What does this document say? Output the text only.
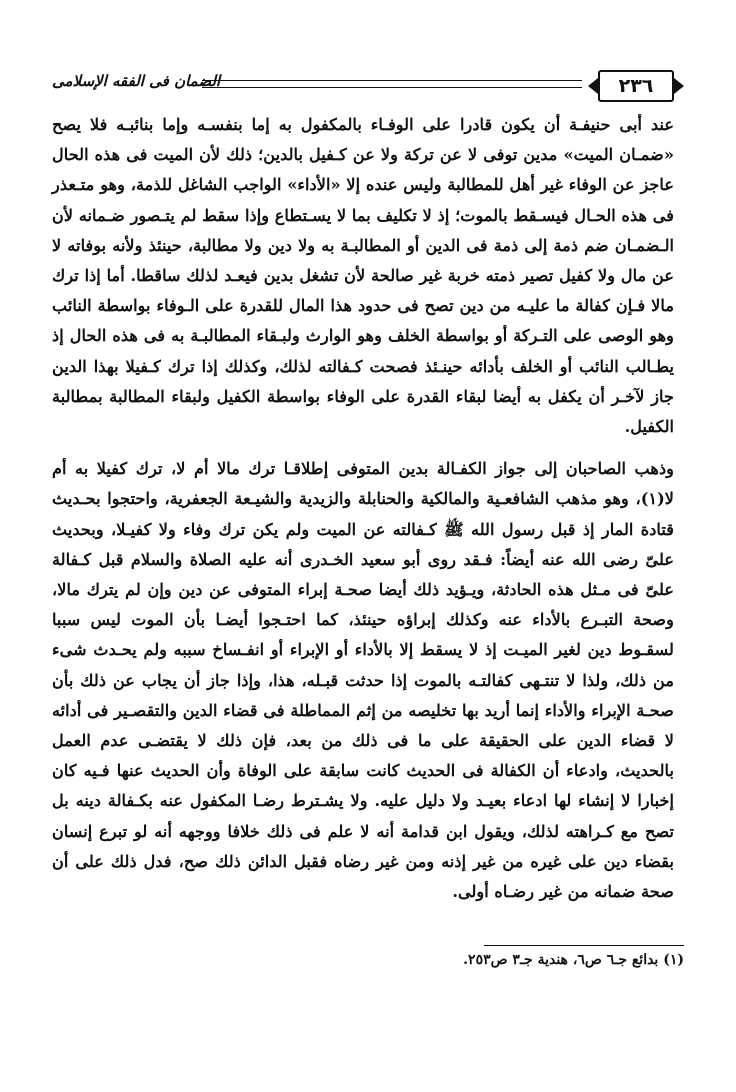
٢٣٦
الضمان فى الفقه الإسلامى

عند أبى حنيفـة أن يكون قادرا على الوفـاء بالمكفول به إما بنفسـه وإما بنائبـه فلا يصح «ضمـان الميت» مدين توفى لا عن تركة ولا عن كـفيل بالدين؛ ذلك لأن الميت فى هذه الحال عاجز عن الوفاء غير أهل للمطالبة وليس عنده إلا «الأداء» الواجب الشاغل للذمة، وهو متـعذر فى هذه الحـال فيسـقط بالموت؛ إذ لا تكليف بما لا يسـتطاع وإذا سقط لم يتـصور ضـمانه لأن الـضمـان ضم ذمة إلى ذمة فى الدين أو المطالبـة به ولا دين ولا مطالبة، حينئذ ولأنه بوفاته لا عن مال ولا كفيل تصير ذمته خربة غير صالحة لأن تشغل بدين فيعـد لذلك ساقطا. أما إذا ترك مالا فـإن كفالة ما عليـه من دين تصح فى حدود هذا المال للقدرة على الـوفاء بواسطة النائب وهو الوصى على التـركة أو بواسطة الخلف وهو الوارث ولبـقاء المطالبـة به فى هذه الحال إذ يطـالب النائب أو الخلف بأدائه حينـئذ فصحت كـفالته لذلك، وكذلك إذا ترك كـفيلا بهذا الدين جاز لآخـر أن يكفل به أيضا لبقاء القدرة على الوفاء بواسطة الكفيل ولبقاء المطالبة بمطالبة الكفيل.

وذهب الصاحبان إلى جواز الكفـالة بدين المتوفى إطلاقـا ترك مالا أم لا، ترك كفيلا به أم لا(١)، وهو مذهب الشافعـية والمالكية والحنابلة والزيدية والشيـعة الجعفرية، واحتجوا بحـديث قتادة المار إذ قبل رسول الله ﷺ كـفالته عن الميت ولم يكن ترك وفاء ولا كفيـلا، وبحديث علىّ رضى الله عنه أيضاً: فـقد روى أبو سعيد الخـدرى أنه عليه الصلاة والسلام قبل كـفالة علىّ فى مـثل هذه الحادثة، ويـؤيد ذلك أيضا صحـة إبراء المتوفى عن دين وإن لم يترك مالا، وصحة التبـرع بالأداء عنه وكذلك إبراؤه حينئذ، كما احتـجوا أيضـا بأن الموت ليس سببا لسقـوط دين لغير الميـت إذ لا يسقط إلا بالأداء أو الإبراء أو انفـساخ سببه ولم يحـدث شىء من ذلك، ولذا لا تنتـهى كفالتـه بالموت إذا حدثت قبـله، هذا، وإذا جاز أن يجاب عن ذلك بأن صحـة الإبراء والأداء إنما أريد بها تخليصه من إثم المماطلة فى قضاء الدين والتقصـير فى أدائه لا قضاء الدين على الحقيقة على ما فى ذلك من بعد، فإن ذلك لا يقتضـى عدم العمل بالحديث، وادعاء أن الكفالة فى الحديث كانت سابقة على الوفاة وأن الحديث عنها فـيه كان إخبارا لا إنشاء لها ادعاء بعيـد ولا دليل عليه. ولا يشـترط رضـا المكفول عنه بكـفالة دينه بل تصح مع كـراهته لذلك، ويقول ابن قدامة أنه لا علم فى ذلك خلافا ووجهه أنه لو تبرع إنسان بقضاء دين على غيره من غير إذنه ومن غير رضاه فقبل الدائن ذلك صح، فدل ذلك على أن صحة ضمانه من غير رضـاه أولى.

(١) بدائع جـ٦ ص٦، هندية جـ٣ ص٢٥٣.
